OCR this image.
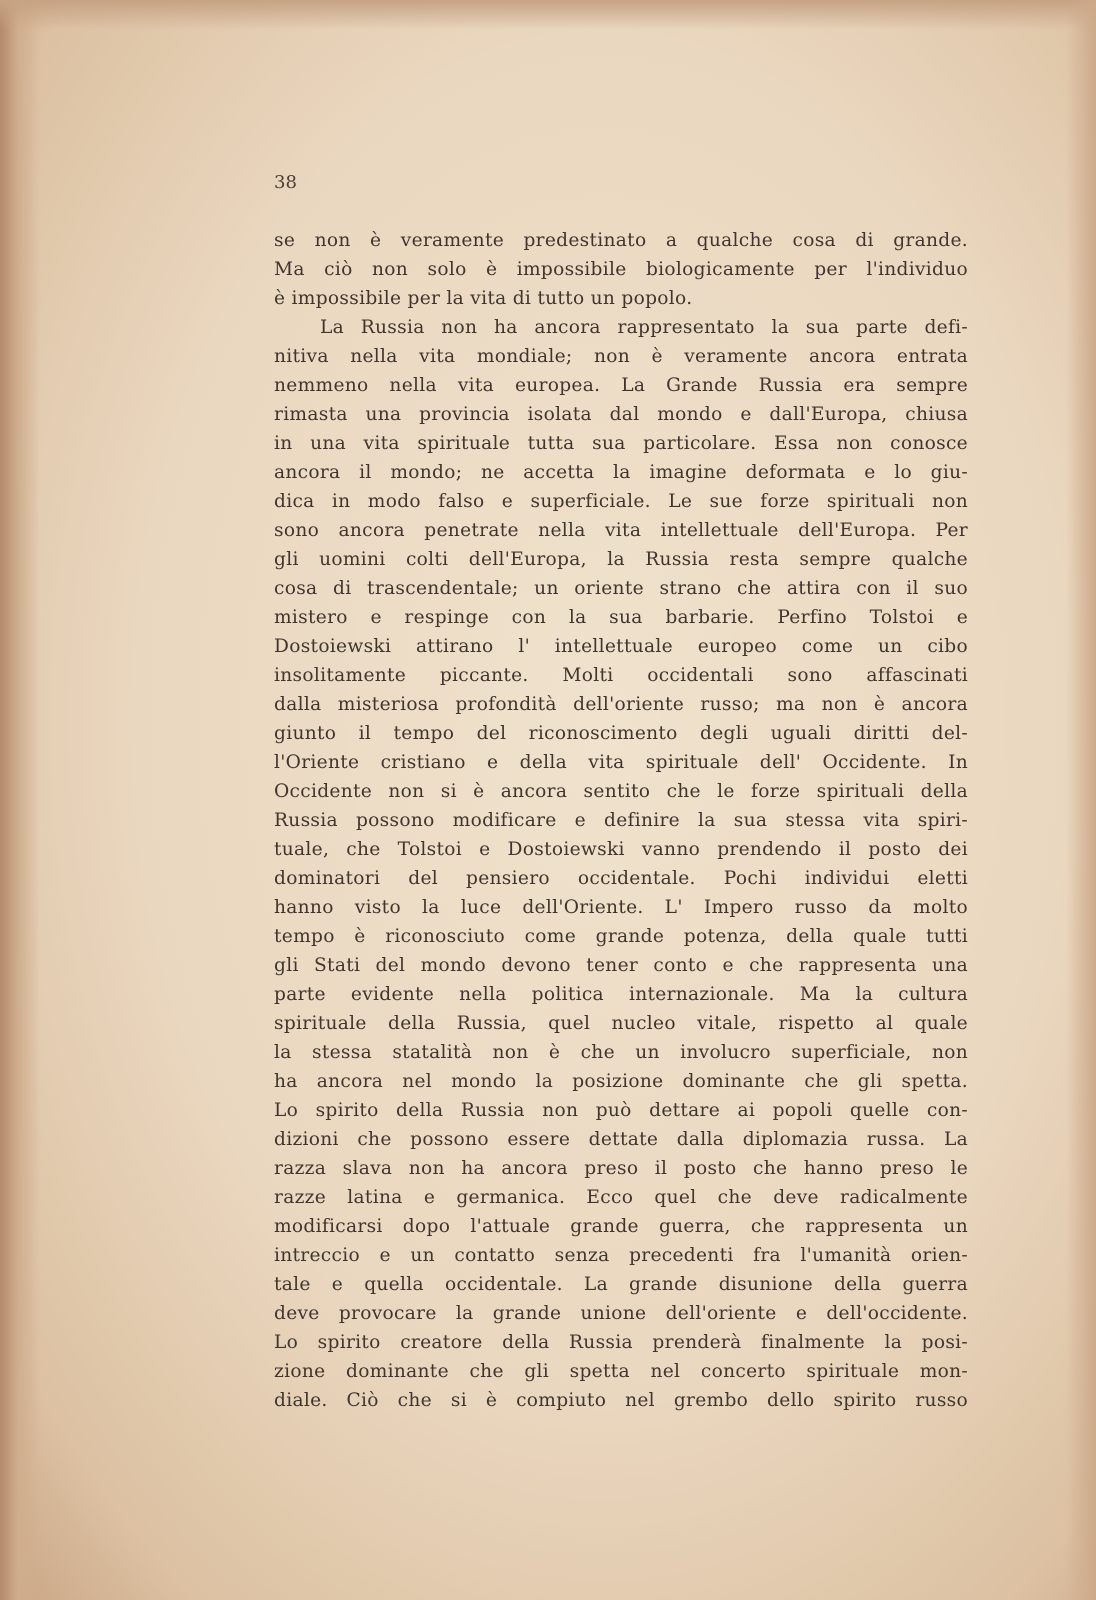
38
se non è veramente predestinato a qualche cosa di grande.
Ma ciò non solo è impossibile biologicamente per l'individuo
è impossibile per la vita di tutto un popolo.
La Russia non ha ancora rappresentato la sua parte defi-
nitiva nella vita mondiale; non è veramente ancora entrata
nemmeno nella vita europea. La Grande Russia era sempre
rimasta una provincia isolata dal mondo e dall'Europa, chiusa
in una vita spirituale tutta sua particolare. Essa non conosce
ancora il mondo; ne accetta la imagine deformata e lo giu-
dica in modo falso e superficiale. Le sue forze spirituali non
sono ancora penetrate nella vita intellettuale dell'Europa. Per
gli uomini colti dell'Europa, la Russia resta sempre qualche
cosa di trascendentale; un oriente strano che attira con il suo
mistero e respinge con la sua barbarie. Perfino Tolstoi e
Dostoiewski attirano l' intellettuale europeo come un cibo
insolitamente piccante. Molti occidentali sono affascinati
dalla misteriosa profondità dell'oriente russo; ma non è ancora
giunto il tempo del riconoscimento degli uguali diritti del-
l'Oriente cristiano e della vita spirituale dell' Occidente. In
Occidente non si è ancora sentito che le forze spirituali della
Russia possono modificare e definire la sua stessa vita spiri-
tuale, che Tolstoi e Dostoiewski vanno prendendo il posto dei
dominatori del pensiero occidentale. Pochi individui eletti
hanno visto la luce dell'Oriente. L' Impero russo da molto
tempo è riconosciuto come grande potenza, della quale tutti
gli Stati del mondo devono tener conto e che rappresenta una
parte evidente nella politica internazionale. Ma la cultura
spirituale della Russia, quel nucleo vitale, rispetto al quale
la stessa statalità non è che un involucro superficiale, non
ha ancora nel mondo la posizione dominante che gli spetta.
Lo spirito della Russia non può dettare ai popoli quelle con-
dizioni che possono essere dettate dalla diplomazia russa. La
razza slava non ha ancora preso il posto che hanno preso le
razze latina e germanica. Ecco quel che deve radicalmente
modificarsi dopo l'attuale grande guerra, che rappresenta un
intreccio e un contatto senza precedenti fra l'umanità orien-
tale e quella occidentale. La grande disunione della guerra
deve provocare la grande unione dell'oriente e dell'occidente.
Lo spirito creatore della Russia prenderà finalmente la posi-
zione dominante che gli spetta nel concerto spirituale mon-
diale. Ciò che si è compiuto nel grembo dello spirito russo
